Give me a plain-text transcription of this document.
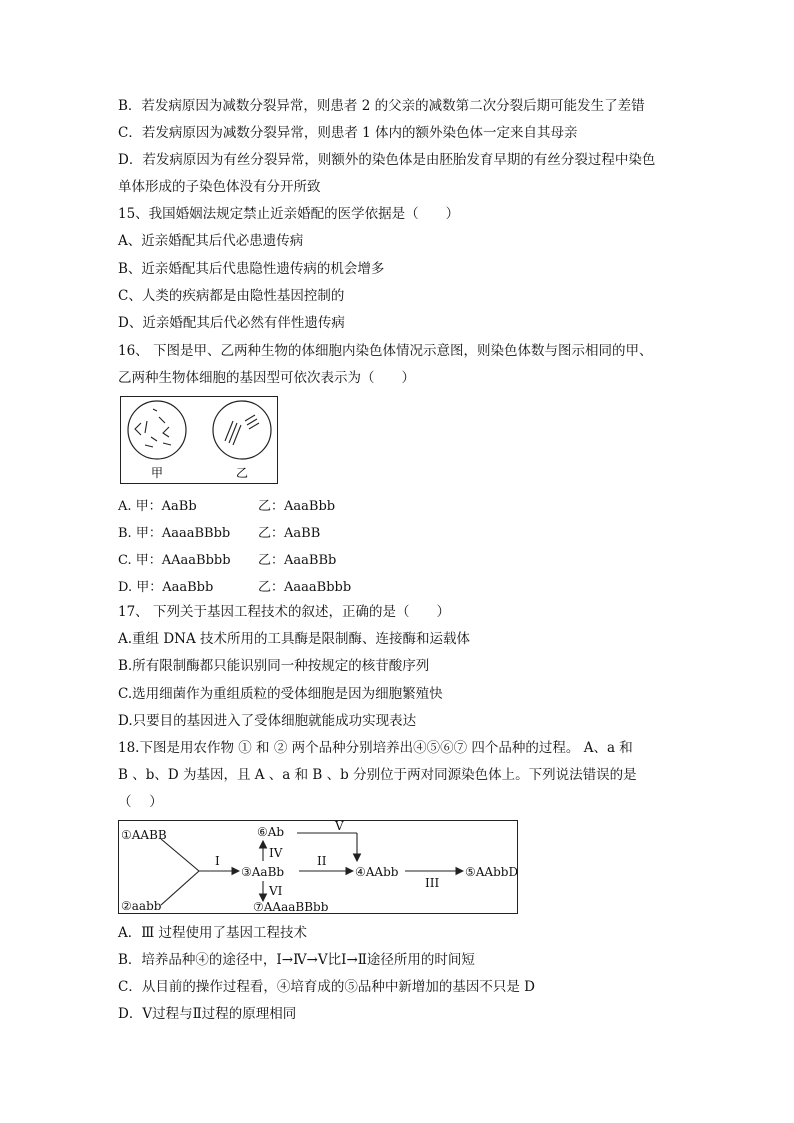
B．若发病原因为减数分裂异常，则患者 2 的父亲的减数第二次分裂后期可能发生了差错
C．若发病原因为减数分裂异常，则患者 1 体内的额外染色体一定来自其母亲
D．若发病原因为有丝分裂异常，则额外的染色体是由胚胎发育早期的有丝分裂过程中染色
单体形成的子染色体没有分开所致
15、我国婚姻法规定禁止近亲婚配的医学依据是（　　）
A、近亲婚配其后代必患遗传病
B、近亲婚配其后代患隐性遗传病的机会增多
C、人类的疾病都是由隐性基因控制的
D、近亲婚配其后代必然有伴性遗传病
16、 下图是甲、乙两种生物的体细胞内染色体情况示意图，则染色体数与图示相同的甲、
乙两种生物体细胞的基因型可依次表示为（　　）
甲	乙
A. 甲：AaBb	乙：AaaBbb
B. 甲：AaaaBBbb 乙：AaBB
C. 甲：AAaaBbbb 乙：AaaBBb
D. 甲：AaaBbb	乙：AaaaBbbb
17、 下列关于基因工程技术的叙述，正确的是（　　）
A.重组 DNA 技术所用的工具酶是限制酶、连接酶和运载体
B.所有限制酶都只能识别同一种按规定的核苷酸序列
C.选用细菌作为重组质粒的受体细胞是因为细胞繁殖快
D.只要目的基因进入了受体细胞就能成功实现表达
18.下图是用农作物 ① 和 ② 两个品种分别培养出④⑤⑥⑦ 四个品种的过程。 A、a 和
B 、b、D 为基因，且 A 、a 和 B 、b 分别位于两对同源染色体上。下列说法错误的是
（　 ）
①AABB
②aabb
③AaBb	④AAbb	⑤AAbbD
⑥Ab
⑦AAaaBBbb
I	II
III
IV
V
VI
A．Ⅲ 过程使用了基因工程技术
B．培养品种④的途径中，Ⅰ→Ⅳ→Ⅴ比Ⅰ→Ⅱ途径所用的时间短
C．从目前的操作过程看，④培育成的⑤品种中新增加的基因不只是 D
D．Ⅴ过程与Ⅱ过程的原理相同
